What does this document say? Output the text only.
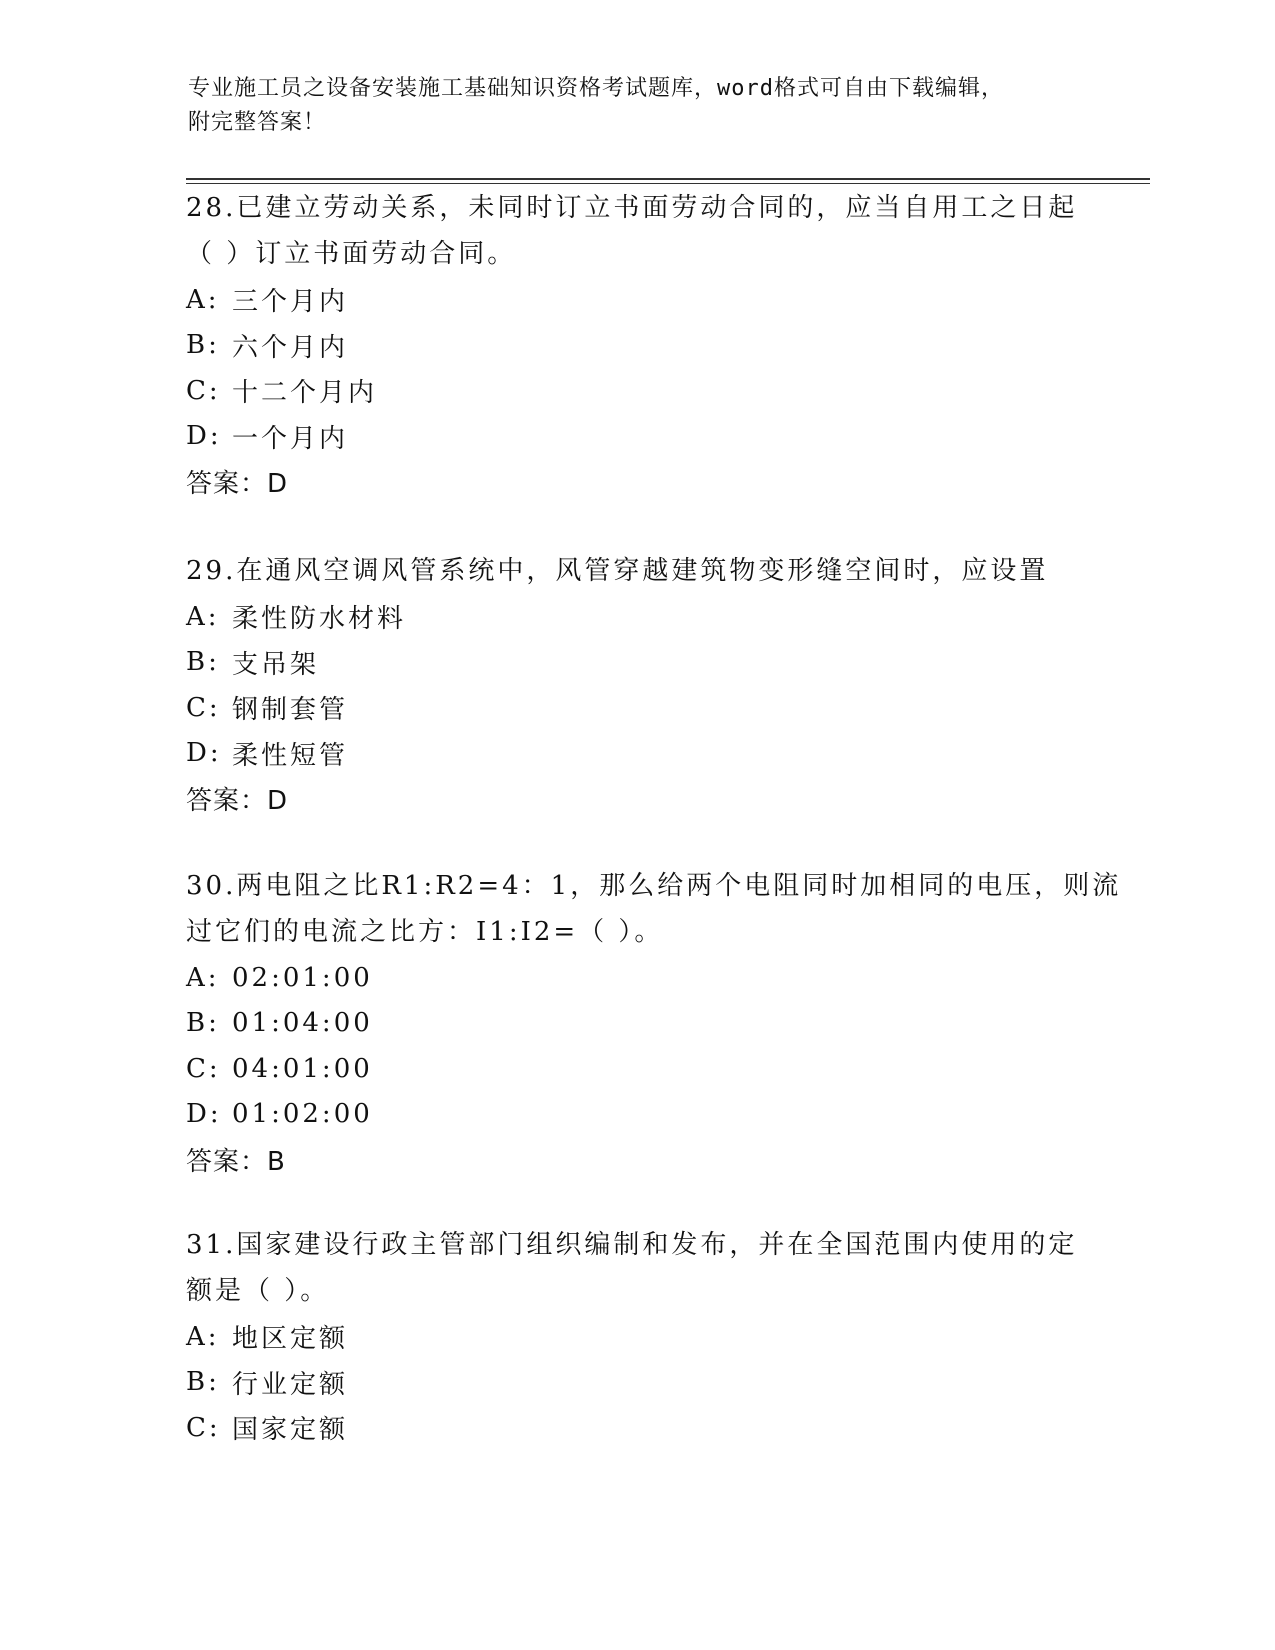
专业施工员之设备安装施工基础知识资格考试题库，word格式可自由下载编辑，
附完整答案！
28.已建立劳动关系，未同时订立书面劳动合同的，应当自用工之日起
（ ）订立书面劳动合同。
A: 三个月内
B: 六个月内
C: 十二个月内
D: 一个月内
答案：D
29.在通风空调风管系统中，风管穿越建筑物变形缝空间时，应设置
A: 柔性防水材料
B: 支吊架
C: 钢制套管
D: 柔性短管
答案：D
30.两电阻之比R1:R2=4：1，那么给两个电阻同时加相同的电压，则流
过它们的电流之比方：I1:I2=（ ）。
A: 02:01:00
B: 01:04:00
C: 04:01:00
D: 01:02:00
答案：B
31.国家建设行政主管部门组织编制和发布，并在全国范围内使用的定
额是（ ）。
A: 地区定额
B: 行业定额
C: 国家定额
